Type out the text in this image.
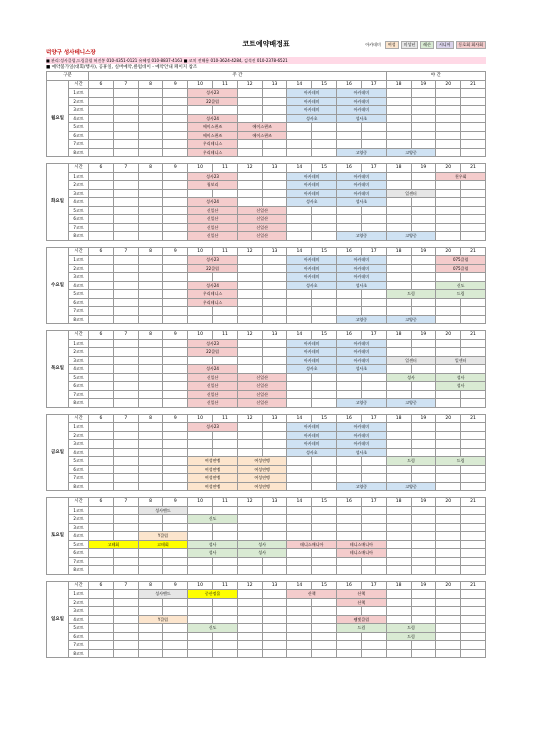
코트예약배정표	아카데미	여성	미성년	레슨	시니어	동호회 회사회
덕양구 성사테니스장
■ 관리:성사클럽,드림클럽 허진봉 010-4351-0121 유혜정 010-8837-4163 ■ 코치 전해용 010-3624-4284, 김석진 010-2378-6521
■ 예약불가일(대회/행사), 공휴일, 실버예약,클럽데이 - 예약안내 페이지 참조
구분		주 간												야 간			
월요일	시간	6	7	8	9	10	11	12	13	14	15	16	17	18	19	20	21
	1코트					성사23				아카데미		아카데미					
	2코트					22클럽				아카데미		아카데미					
	3코트									아카데미		아카데미					
	4코트					성사24				성사초		성사초					
	5코트					에이스퀸즈		에이스퀸즈									
	6코트					에이스퀸즈		에이스퀸즈									
	7코트					우리테니스											
	8코트					우리테니스						고양중		고양중			

화요일	시간	6	7	8	9	10	11	12	13	14	15	16	17	18	19	20	21
	1코트					성사23				아카데미		아카데미				천우회	
	2코트					청보리				아카데미		아카데미					
	3코트									아카데미		아카데미		일센터			
	4코트					성사24				성사초		성사초					
	5코트					신일산		신일산									
	6코트					신일산		신일산									
	7코트					신일산		신일산									
	8코트					신일산		신일산				고양중		고양중			

수요일	시간	6	7	8	9	10	11	12	13	14	15	16	17	18	19	20	21
	1코트					성사23				아카데미		아카데미				075클럽	
	2코트					22클럽				아카데미		아카데미				075클럽	
	3코트									아카데미		아카데미					
	4코트					성사24				성사초		성사초				신도	
	5코트					우리테니스								드림		드림	
	6코트					우리테니스											
	7코트																
	8코트											고양중		고양중			

목요일	시간	6	7	8	9	10	11	12	13	14	15	16	17	18	19	20	21
	1코트					성사23				아카데미		아카데미					
	2코트					22클럽				아카데미		아카데미					
	3코트									아카데미		아카데미		일센터		일센터	
	4코트					성사24				성사초		성사초					
	5코트					신일산		신일산						성사		성사	
	6코트					신일산		신일산								성사	
	7코트					신일산		신일산									
	8코트					신일산		신일산				고양중		고양중			

금요일	시간	6	7	8	9	10	11	12	13	14	15	16	17	18	19	20	21
	1코트					성사23				아카데미		아카데미					
	2코트									아카데미		아카데미					
	3코트									아카데미		아카데미					
	4코트									성사초		성사초					
	5코트					여성연맹		여성연맹						드림		드림	
	6코트					여성연맹		여성연맹									
	7코트					여성연맹		여성연맹									
	8코트					여성연맹		여성연맹				고양중		고양중			

토요일	시간	6	7	8	9	10	11	12	13	14	15	16	17	18	19	20	21
	1코트			성사밴드													
	2코트					신도											
	3코트																
	4코트			Y클럽													
	5코트	고테회		고테회		성사		성사		테니스매니아		테니스매니아					
	6코트					성사		성사				테니스매니아					
	7코트																
	8코트																

일요일	시간	6	7	8	9	10	11	12	13	14	15	16	17	18	19	20	21
	1코트			성사밴드		중산정몰				산책		산책					
	2코트											산책					
	3코트																
	4코트			Y클럽								뀀빛클럽					
	5코트					신도						드림		드림			
	6코트													드림			
	7코트																
	8코트																
